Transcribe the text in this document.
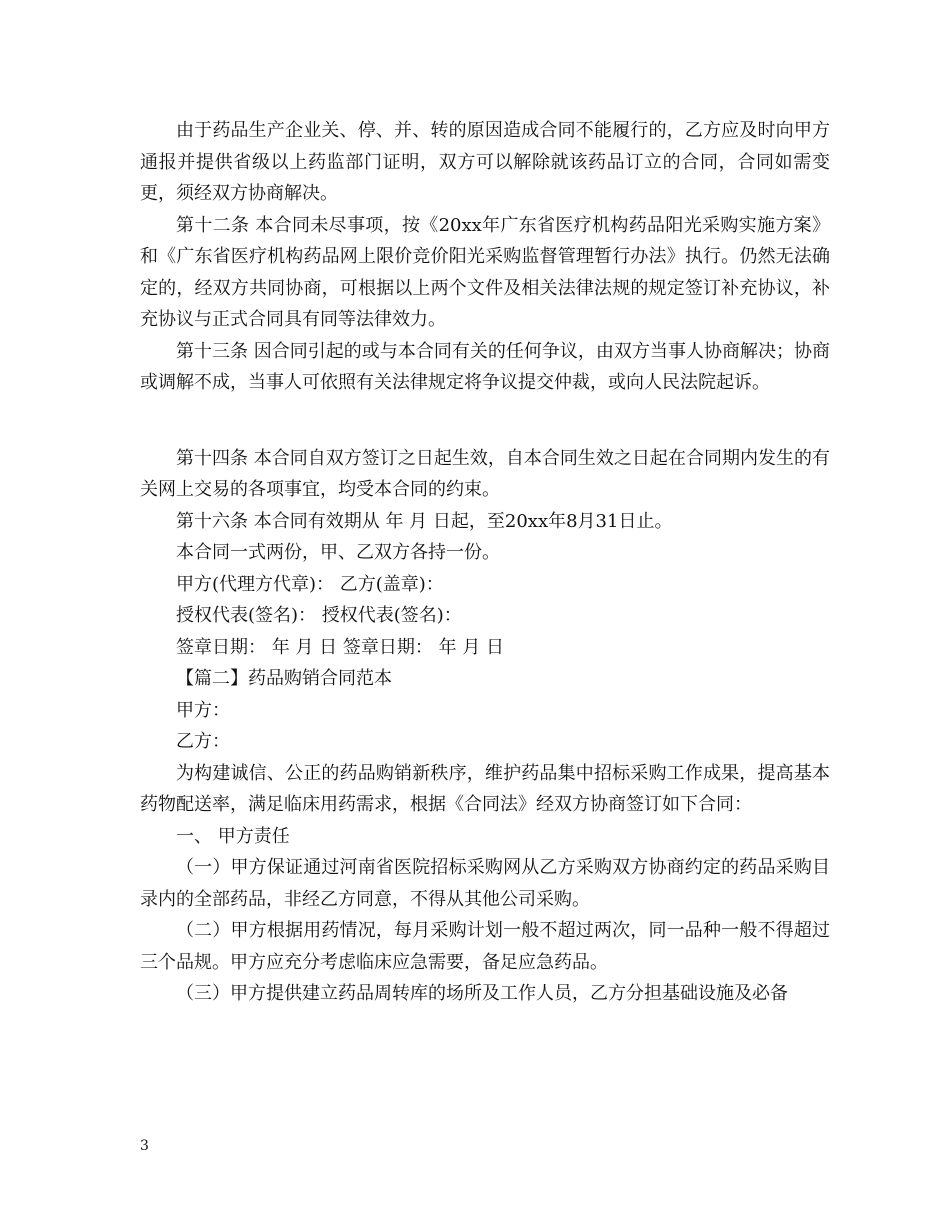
由于药品生产企业关、停、并、转的原因造成合同不能履行的，乙方应及时向甲方通报并提供省级以上药监部门证明，双方可以解除就该药品订立的合同，合同如需变更，须经双方协商解决。

第十二条 本合同未尽事项，按《20xx年广东省医疗机构药品阳光采购实施方案》和《广东省医疗机构药品网上限价竞价阳光采购监督管理暂行办法》执行。仍然无法确定的，经双方共同协商，可根据以上两个文件及相关法律法规的规定签订补充协议，补充协议与正式合同具有同等法律效力。

第十三条 因合同引起的或与本合同有关的任何争议，由双方当事人协商解决；协商或调解不成，当事人可依照有关法律规定将争议提交仲裁，或向人民法院起诉。

第十四条 本合同自双方签订之日起生效，自本合同生效之日起在合同期内发生的有关网上交易的各项事宜，均受本合同的约束。

第十六条 本合同有效期从 年 月 日起，至20xx年8月31日止。

本合同一式两份，甲、乙双方各持一份。

甲方(代理方代章)： 乙方(盖章)：

授权代表(签名)： 授权代表(签名)：

签章日期： 年 月 日 签章日期： 年 月 日

【篇二】药品购销合同范本

甲方：

乙方：

为构建诚信、公正的药品购销新秩序，维护药品集中招标采购工作成果，提高基本药物配送率，满足临床用药需求，根据《合同法》经双方协商签订如下合同：

一、 甲方责任

（一）甲方保证通过河南省医院招标采购网从乙方采购双方协商约定的药品采购目录内的全部药品，非经乙方同意，不得从其他公司采购。

（二）甲方根据用药情况，每月采购计划一般不超过两次，同一品种一般不得超过三个品规。甲方应充分考虑临床应急需要，备足应急药品。

（三）甲方提供建立药品周转库的场所及工作人员，乙方分担基础设施及必备

3
